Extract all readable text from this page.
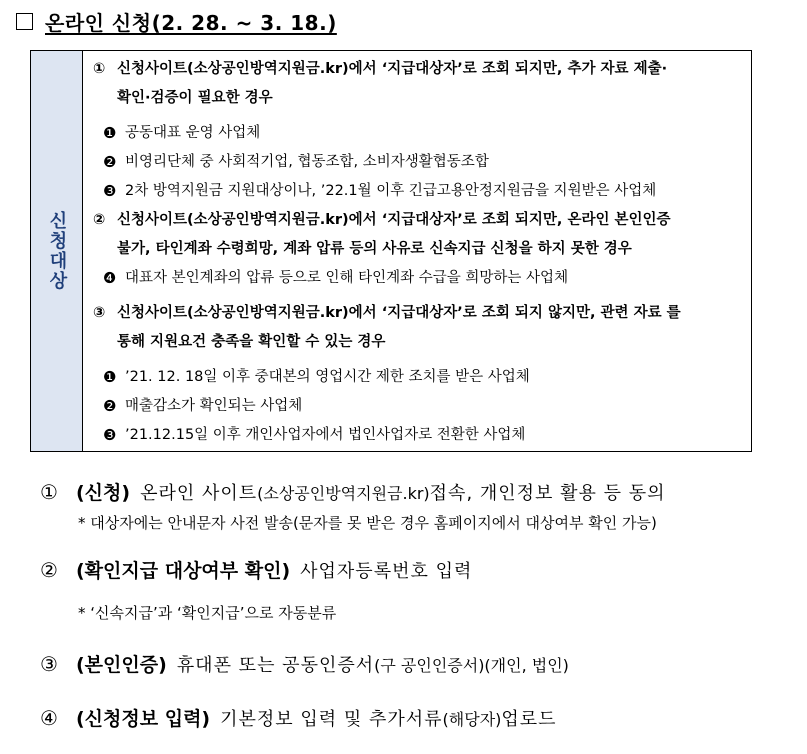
온라인 신청(2. 28. ~ 3. 18.)
신청대상
① 신청사이트(소상공인방역지원금.kr)에서 ‘지급대상자’로 조회 되지만, 추가 자료 제출·
확인·검증이 필요한 경우
❶ 공동대표 운영 사업체
❷ 비영리단체 중 사회적기업, 협동조합, 소비자생활협동조합
❸ 2차 방역지원금 지원대상이나, ’22.1월 이후 긴급고용안정지원금을 지원받은 사업체
② 신청사이트(소상공인방역지원금.kr)에서 ‘지급대상자’로 조회 되지만, 온라인 본인인증
불가, 타인계좌 수령희망, 계좌 압류 등의 사유로 신속지급 신청을 하지 못한 경우
❹ 대표자 본인계좌의 압류 등으로 인해 타인계좌 수급을 희망하는 사업체
③ 신청사이트(소상공인방역지원금.kr)에서 ‘지급대상자’로 조회 되지 않지만, 관련 자료 를
통해 지원요건 충족을 확인할 수 있는 경우
❶ ’21. 12. 18일 이후 중대본의 영업시간 제한 조치를 받은 사업체
❷ 매출감소가 확인되는 사업체
❸ ’21.12.15일 이후 개인사업자에서 법인사업자로 전환한 사업체
① (신청) 온라인 사이트 (소상공인방역지원금.kr) 접속, 개인정보 활용 등 동의
* 대상자에는 안내문자 사전 발송(문자를 못 받은 경우 홈페이지에서 대상여부 확인 가능)
② (확인지급 대상여부 확인) 사업자등록번호 입력
* ‘신속지급’과 ‘확인지급’으로 자동분류
③ (본인인증) 휴대폰 또는 공동인증서 (구 공인인증서)(개인, 법인)
④ (신청정보 입력) 기본정보 입력 및 추가서류 (해당자) 업로드
